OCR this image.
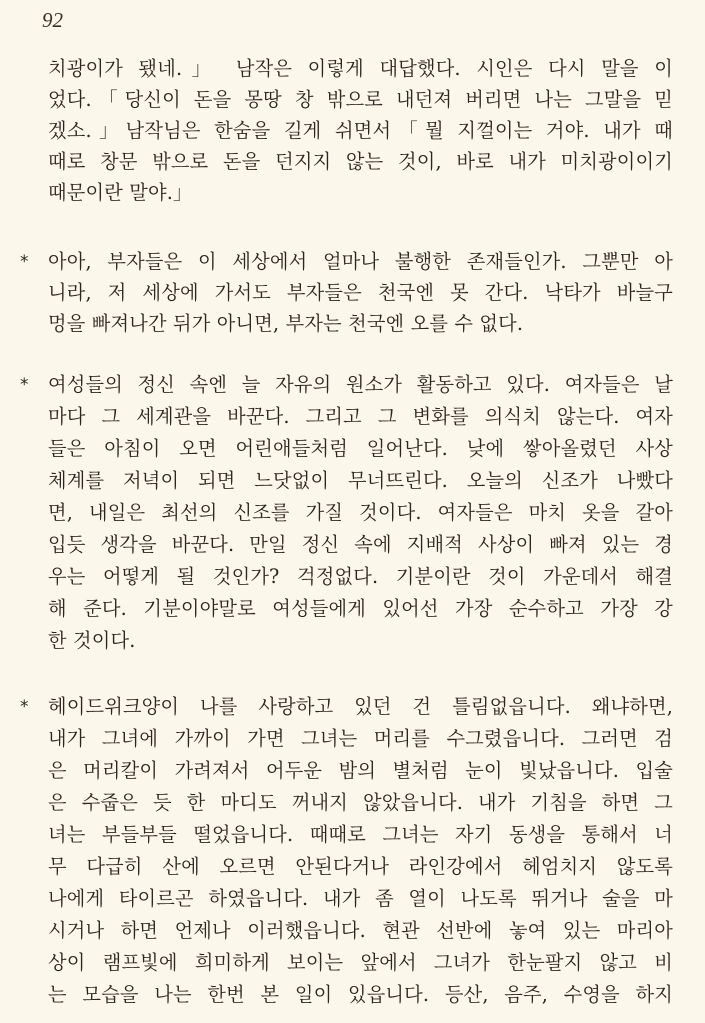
92
치광이가 됐네.」 남작은 이렇게 대답했다. 시인은 다시 말을 이
었다.「당신이 돈을 몽땅 창 밖으로 내던져 버리면 나는 그말을 믿
겠소.」남작님은 한숨을 길게 쉬면서「뭘 지껄이는 거야. 내가 때
때로 창문 밖으로 돈을 던지지 않는 것이, 바로 내가 미치광이이기
때문이란 말야.」
*	아아, 부자들은 이 세상에서 얼마나 불행한 존재들인가. 그뿐만 아
니라, 저 세상에 가서도 부자들은 천국엔 못 간다. 낙타가 바늘구
멍을 빠져나간 뒤가 아니면, 부자는 천국엔 오를 수 없다.
*	여성들의 정신 속엔 늘 자유의 원소가 활동하고 있다. 여자들은 날
마다 그 세계관을 바꾼다. 그리고 그 변화를 의식치 않는다. 여자
들은 아침이 오면 어린애들처럼 일어난다. 낮에 쌓아올렸던 사상
체계를 저녁이 되면 느닷없이 무너뜨린다. 오늘의 신조가 나빴다
면, 내일은 최선의 신조를 가질 것이다. 여자들은 마치 옷을 갈아
입듯 생각을 바꾼다. 만일 정신 속에 지배적 사상이 빠져 있는 경
우는 어떻게 될 것인가? 걱정없다. 기분이란 것이 가운데서 해결
해 준다. 기분이야말로 여성들에게 있어선 가장 순수하고 가장 강
한 것이다.
*	헤이드위크양이 나를 사랑하고 있던 건 틀림없읍니다. 왜냐하면,
내가 그녀에 가까이 가면 그녀는 머리를 수그렸읍니다. 그러면 검
은 머리칼이 가려져서 어두운 밤의 별처럼 눈이 빛났읍니다. 입술
은 수줍은 듯 한 마디도 꺼내지 않았읍니다. 내가 기침을 하면 그
녀는 부들부들 떨었읍니다. 때때로 그녀는 자기 동생을 통해서 너
무 다급히 산에 오르면 안된다거나 라인강에서 헤엄치지 않도록
나에게 타이르곤 하였읍니다. 내가 좀 열이 나도록 뛰거나 술을 마
시거나 하면 언제나 이러했읍니다. 현관 선반에 놓여 있는 마리아
상이 램프빛에 희미하게 보이는 앞에서 그녀가 한눈팔지 않고 비
는 모습을 나는 한번 본 일이 있읍니다. 등산, 음주, 수영을 하지
